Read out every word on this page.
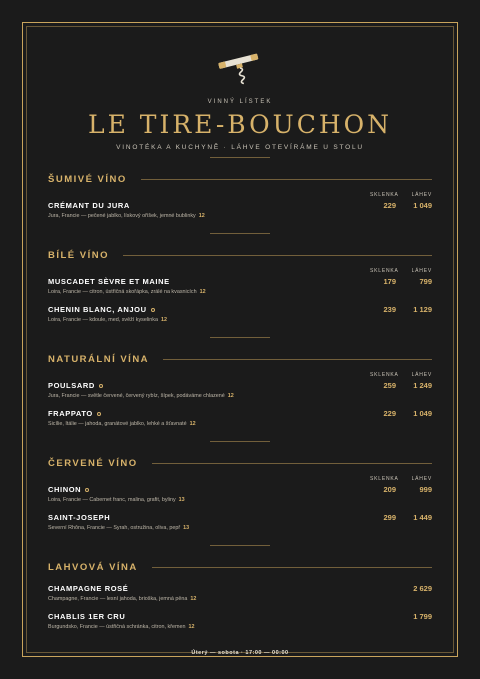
VINNÝ LÍSTEK
LE TIRE-BOUCHON
VINOTÉKA A KUCHYNĚ · LÁHVE OTEVÍRÁME U STOLU
ŠUMIVÉ VÍNO
SKLENKA	LÁHEV
CRÉMANT DU JURA
Jura, Francie — pečené jablko, lískový oříšek, jemné bublinky 12
229	1 049
BÍLÉ VÍNO
SKLENKA	LÁHEV
MUSCADET SÈVRE ET MAINE
Loira, Francie — citron, ústřičná skořápka, zrálé na kvasnicích 12
179	799
CHENIN BLANC, ANJOU
Loira, Francie — kdoule, med, svěží kyselinka 12
239	1 129
NATURÁLNÍ VÍNA
SKLENKA	LÁHEV
POULSARD
Jura, Francie — světle červené, červený rybíz, šípek, podáváme chlazené 12
259	1 249
FRAPPATO
Sicílie, Itálie — jahoda, granátové jablko, lehké a šťavnaté 12
229	1 049
ČERVENÉ VÍNO
SKLENKA	LÁHEV
CHINON
Loira, Francie — Cabernet franc, malina, grafit, byliny 13
209	999
SAINT-JOSEPH
Severní Rhôna, Francie — Syrah, ostružina, oliva, pepř 13
299	1 449
LAHVOVÁ VÍNA
CHAMPAGNE ROSÉ
Champagne, Francie — lesní jahoda, brioška, jemná pěna 12
2 629
CHABLIS 1ER CRU
Burgundsko, Francie — ústřičná schránka, citron, křemen 12
1 799
Úterý — sobota · 17:00 — 00:00
